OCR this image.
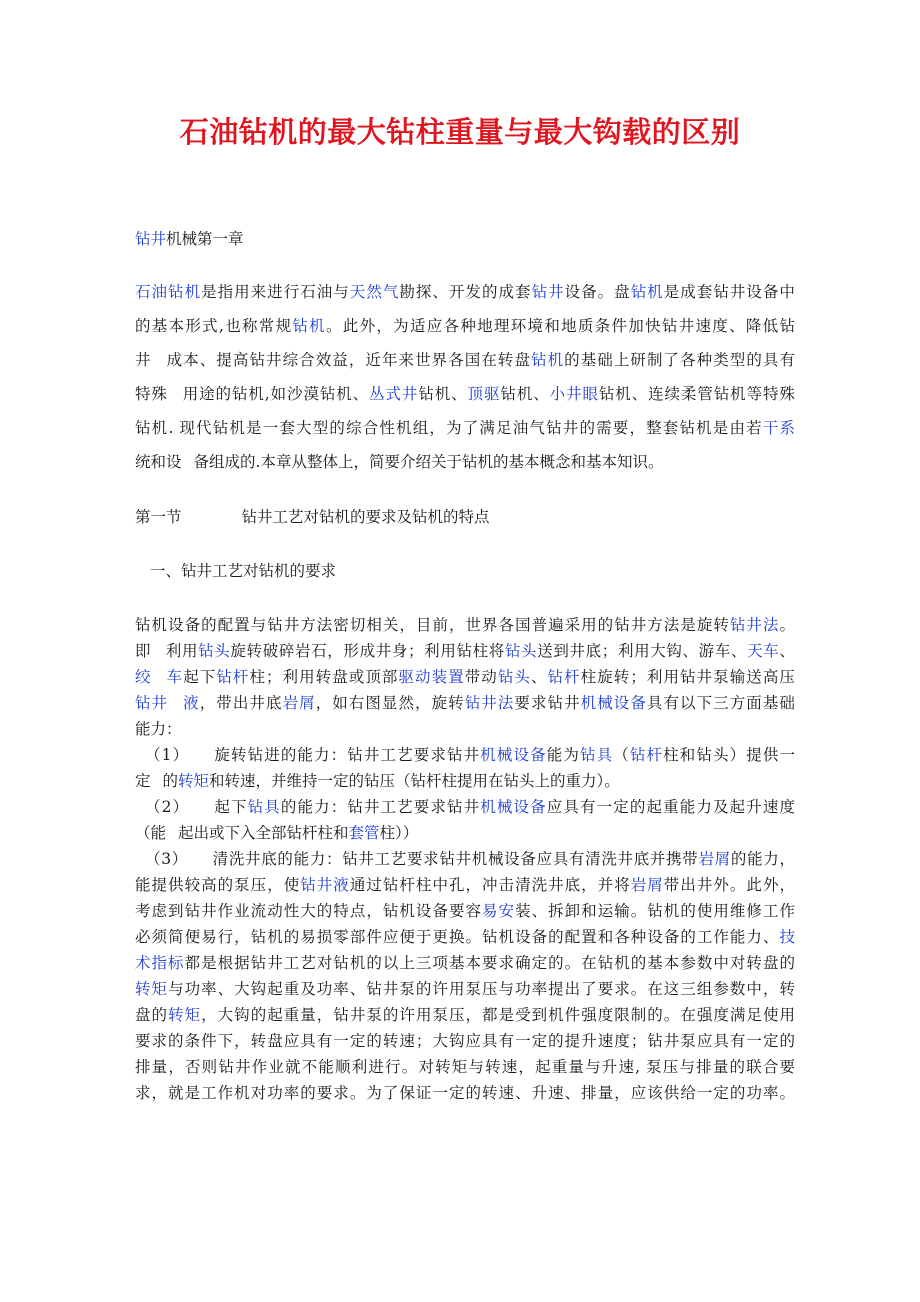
石油钻机的最大钻柱重量与最大钩载的区别

钻井机械第一章

石油钻机是指用来进行石油与天然气勘探、开发的成套钻井设备。盘钻机是成套钻井设备中
的基本形式,也称常规钻机。此外，为适应各种地理环境和地质条件加快钻井速度、降低钻
井 成本、提高钻井综合效益，近年来世界各国在转盘钻机的基础上研制了各种类型的具有
特殊 用途的钻机,如沙漠钻机、丛式井钻机、顶驱钻机、小井眼钻机、连续柔管钻机等特殊
钻机. 现代钻机是一套大型的综合性机组，为了满足油气钻井的需要，整套钻机是由若干系
统和设 备组成的.本章从整体上，简要介绍关于钻机的基本概念和基本知识。

第一节	钻井工艺对钻机的要求及钻机的特点

一、钻井工艺对钻机的要求

钻机设备的配置与钻井方法密切相关，目前，世界各国普遍采用的钻井方法是旋转钻井法。
即 利用钻头旋转破碎岩石，形成井身；利用钻柱将钻头送到井底；利用大钩、游车、天车、
绞 车起下钻杆柱；利用转盘或顶部驱动装置带动钻头、钻杆柱旋转；利用钻井泵输送高压
钻井 液，带出井底岩屑，如右图显然，旋转钻井法要求钻井机械设备具有以下三方面基础
能力：
（1） 旋转钻进的能力：钻井工艺要求钻井机械设备能为钻具（钻杆柱和钻头）提供一
定 的转矩和转速，并维持一定的钻压（钻杆柱提用在钻头上的重力）。
（2） 起下钻具的能力：钻井工艺要求钻井机械设备应具有一定的起重能力及起升速度
（能 起出或下入全部钻杆柱和套管柱））
（3） 清洗井底的能力：钻井工艺要求钻井机械设备应具有清洗井底并携带岩屑的能力，
能提供较高的泵压，使钻井液通过钻杆柱中孔，冲击清洗井底，并将岩屑带出井外。此外，
考虑到钻井作业流动性大的特点，钻机设备要容易安装、拆卸和运输。钻机的使用维修工作
必须简便易行，钻机的易损零部件应便于更换。钻机设备的配置和各种设备的工作能力、技
术指标都是根据钻井工艺对钻机的以上三项基本要求确定的。在钻机的基本参数中对转盘的
转矩与功率、大钩起重及功率、钻井泵的许用泵压与功率提出了要求。在这三组参数中，转
盘的转矩，大钩的起重量，钻井泵的许用泵压，都是受到机件强度限制的。在强度满足使用
要求的条件下，转盘应具有一定的转速；大钩应具有一定的提升速度；钻井泵应具有一定的
排量，否则钻井作业就不能顺利进行。对转矩与转速，起重量与升速, 泵压与排量的联合要
求，就是工作机对功率的要求。为了保证一定的转速、升速、排量，应该供给一定的功率。
